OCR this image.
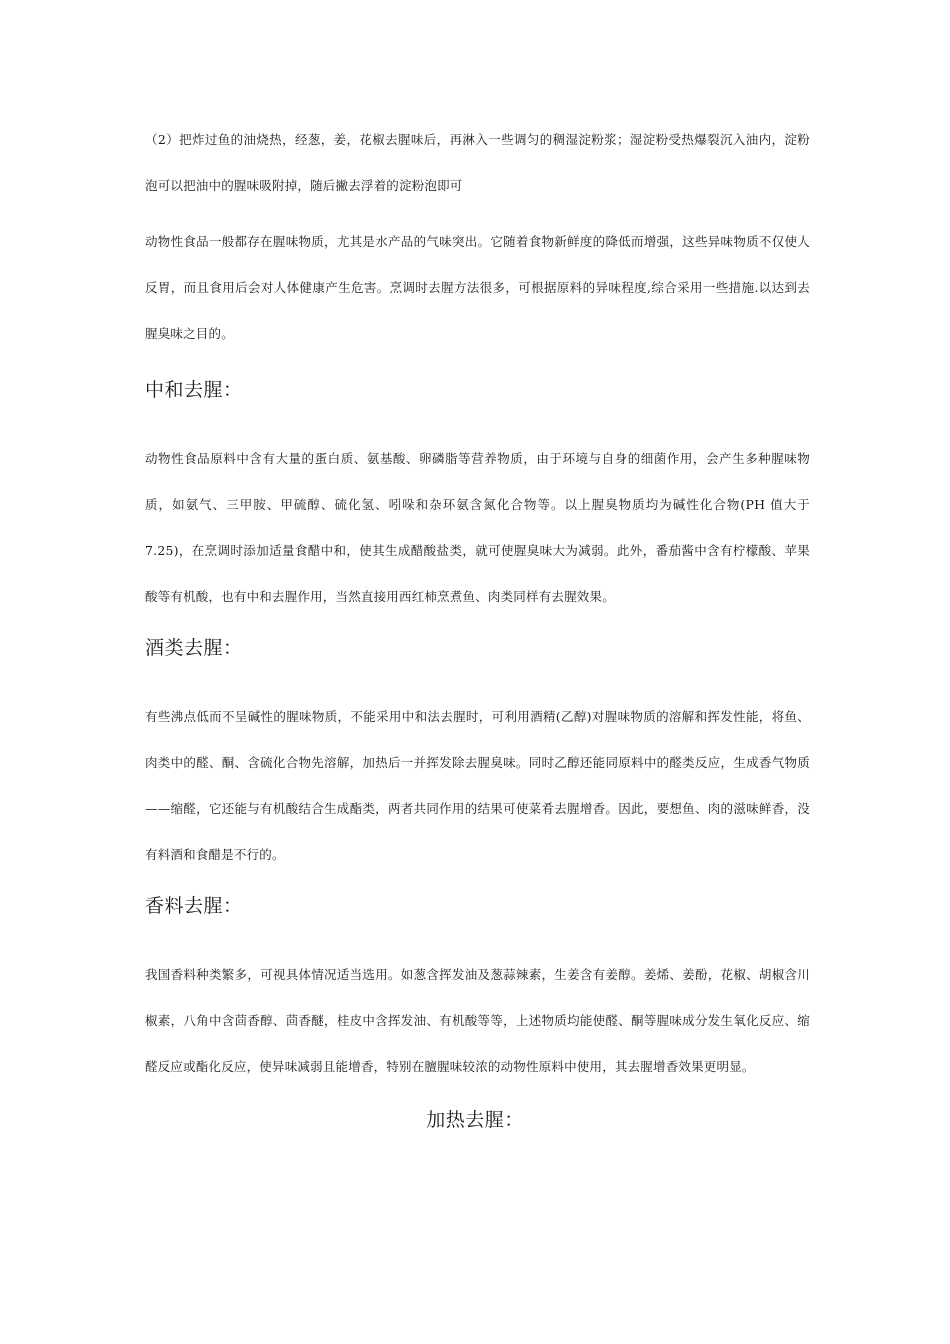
（2）把炸过鱼的油烧热，经葱，姜，花椒去腥味后，再淋入一些调匀的稠湿淀粉浆；湿淀粉受热爆裂沉入油内，淀粉泡可以把油中的腥味吸附掉，随后撇去浮着的淀粉泡即可

动物性食品一般都存在腥味物质，尤其是水产品的气味突出。它随着食物新鲜度的降低而增强，这些异味物质不仅使人反胃，而且食用后会对人体健康产生危害。烹调时去腥方法很多，可根据原料的异味程度,综合采用一些措施.以达到去腥臭味之目的。

中和去腥：

动物性食品原料中含有大量的蛋白质、氨基酸、卵磷脂等营养物质，由于环境与自身的细菌作用，会产生多种腥味物质，如氨气、三甲胺、甲硫醇、硫化氢、吲哚和杂环氨含氮化合物等。以上腥臭物质均为碱性化合物(PH 值大于 7.25)，在烹调时添加适量食醋中和，使其生成醋酸盐类，就可使腥臭味大为减弱。此外，番茄酱中含有柠檬酸、苹果酸等有机酸，也有中和去腥作用，当然直接用西红柿烹煮鱼、肉类同样有去腥效果。

酒类去腥：

有些沸点低而不呈碱性的腥味物质，不能采用中和法去腥时，可利用酒精(乙醇)对腥味物质的溶解和挥发性能，将鱼、肉类中的醛、酮、含硫化合物先溶解，加热后一并挥发除去腥臭味。同时乙醇还能同原料中的醛类反应，生成香气物质——缩醛，它还能与有机酸结合生成酯类，两者共同作用的结果可使菜肴去腥增香。因此，要想鱼、肉的滋味鲜香，没有料酒和食醋是不行的。

香料去腥：

我国香料种类繁多，可视具体情况适当选用。如葱含挥发油及葱蒜辣素，生姜含有姜醇。姜烯、姜酚，花椒、胡椒含川椒素，八角中含茴香醇、茴香醚，桂皮中含挥发油、有机酸等等，上述物质均能使醛、酮等腥味成分发生氧化反应、缩醛反应或酯化反应，使异味减弱且能增香，特别在膻腥味较浓的动物性原料中使用，其去腥增香效果更明显。

加热去腥：
